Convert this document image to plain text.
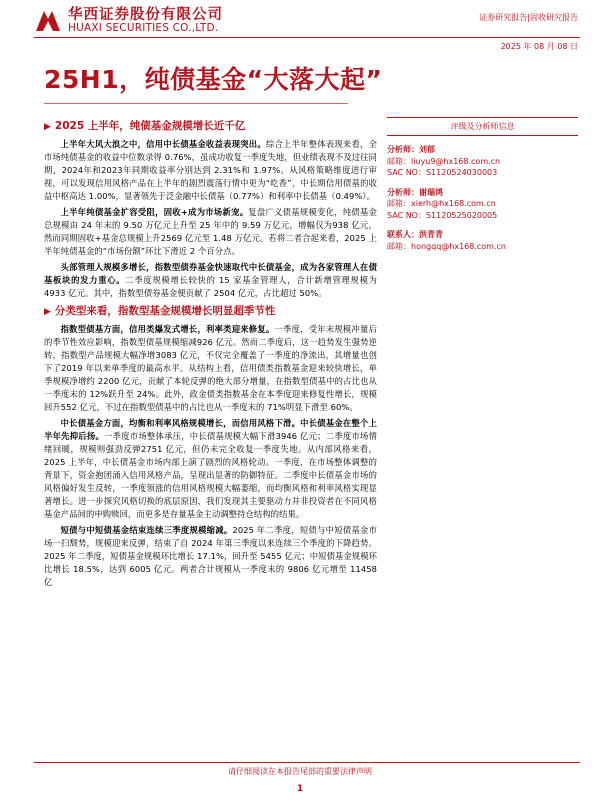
华西证券股份有限公司
HUAXI SECURITIES CO.,LTD.
证券研究报告|固收研究报告
2025 年 08 月 08 日
25H1，纯债基金“大落大起”
▶ 2025 上半年，纯债基金规模增长近千亿

上半年大风大浪之中，信用中长债基金收益表现突出。综合上半年整体表现来看，全市场纯债基金的收益中位数录得 0.76%，虽成功收复一季度失地，但业绩表现不及过往同期，2024年和2023年同期收益率分别达到 2.31%和 1.97%。从风格策略维度进行审视，可以发现信用风格产品在上半年的剧烈震荡行情中更为“吃香”，中长期信用债基的收益中枢高达 1.00%，显著领先于泛金融中长债基（0.77%）和利率中长债基（0.49%）。

上半年纯债基金扩容受阻，固收+成为市场新宠。复盘广义债基规模变化，纯债基金总规模由 24 年末的 9.50 万亿元上升至 25 年中的 9.59 万亿元，增幅仅为938 亿元，然而同期固收+基金总规模上升2569 亿元至 1.48 万亿元。若将二者合起来看，2025 上半年纯债基金的“市场份额”环比下滑近 2 个百分点。

头部管理人规模多增长，指数型债券基金快速取代中长债基金，成为各家管理人在债基板块的发力重心。二季度规模增长较快的 15 家基金管理人，合计新增管理规模为 4933 亿元。其中，指数型债券基金便贡献了 2504 亿元，占比超过 50%。

▶ 分类型来看，指数型基金规模增长明显超季节性

指数型债基方面，信用类爆发式增长，利率类迎来修复。一季度，受年末规模冲量后的季节性效应影响，指数型债基规模缩减926 亿元。然而二季度后，这一趋势发生强势逆转，指数型产品规模大幅净增3083 亿元，不仅完全覆盖了一季度的净流出，其增量也创下了2019 年以来单季度的最高水平。从结构上看，信用债类指数基金迎来较快增长，单季规模净增约 2200 亿元，贡献了本轮反弹的绝大部分增量，在指数型债基中的占比也从一季度末的 12%跃升至 24%。此外，政金债类指数基金在本季度迎来修复性增长，规模回升552 亿元，不过在指数型债基中的占比也从一季度末的 71%明显下滑至 60%。

中长债基金方面，均衡和利率风格规模增长，而信用风格下滑。中长债基金在整个上半年先抑后扬。一季度市场整体承压，中长债基规模大幅下滑3946 亿元；二季度市场情绪回暖，规模则强劲反弹2751 亿元，但仍未完全收复一季度失地。从内部风格来看，2025 上半年，中长债基金市场内部上演了剧烈的风格轮动。一季度，在市场整体调整的背景下，资金抱团涌入信用风格产品，呈现出显著的防御特征。二季度中长债基金市场的风格偏好发生反转，一季度领涨的信用风格规模大幅萎缩，而均衡风格和利率风格实现显著增长。进一步探究风格切换的底层原因，我们发现其主要驱动力并非投资者在不同风格基金产品间的申购赎回，而更多是存量基金主动调整持仓结构的结果。

短债与中短债基金结束连续三季度规模缩减。2025 年二季度，短债与中短债基金市场一扫颓势，规模迎来反弹，结束了自 2024 年第三季度以来连续三个季度的下降趋势。2025 年二季度，短债基金规模环比增长 17.1%，回升至 5455 亿元；中短债基金规模环比增长 18.5%，达到 6005 亿元。两者合计规模从一季度末的 9806 亿元增至 11458 亿

评级及分析师信息
分析师：刘郁
邮箱：liuyu9@hx168.com.cn
SAC NO：S1120524030003
分析师：谢瑞鸿
邮箱：xierh@hx168.com.cn
SAC NO：S1120525020005
联系人：洪青青
邮箱：hongqq@hx168.com.cn
请仔细阅读在本报告尾部的重要法律声明
1
